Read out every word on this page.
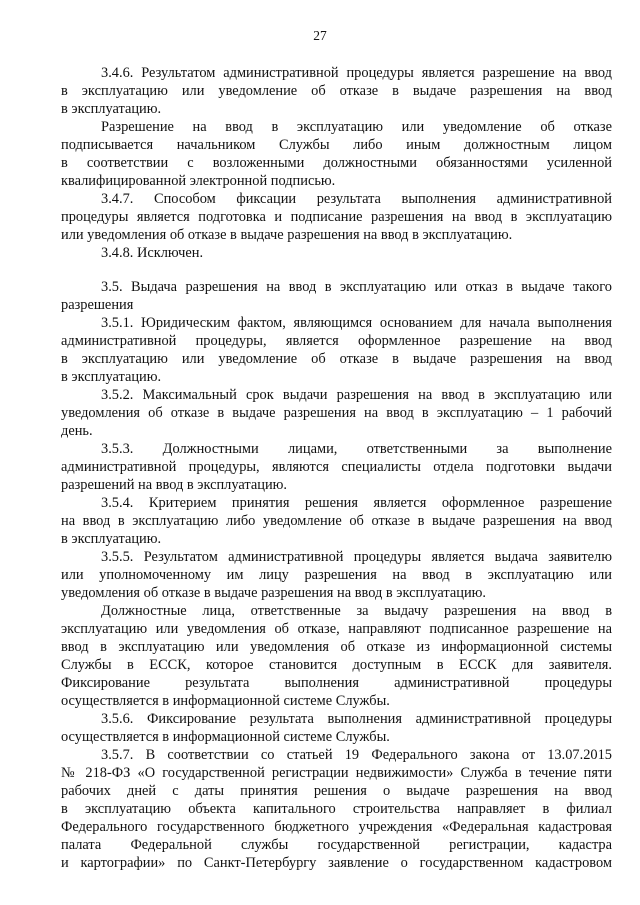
27
3.4.6. Результатом административной процедуры является разрешение на ввод
в эксплуатацию или уведомление об отказе в выдаче разрешения на ввод
в эксплуатацию.
Разрешение на ввод в эксплуатацию или уведомление об отказе
подписывается начальником Службы либо иным должностным лицом
в соответствии с возложенными должностными обязанностями усиленной
квалифицированной электронной подписью.
3.4.7. Способом фиксации результата выполнения административной
процедуры является подготовка и подписание разрешения на ввод в эксплуатацию
или уведомления об отказе в выдаче разрешения на ввод в эксплуатацию.
3.4.8. Исключен.
3.5. Выдача разрешения на ввод в эксплуатацию или отказ в выдаче такого
разрешения
3.5.1. Юридическим фактом, являющимся основанием для начала выполнения
административной процедуры, является оформленное разрешение на ввод
в эксплуатацию или уведомление об отказе в выдаче разрешения на ввод
в эксплуатацию.
3.5.2. Максимальный срок выдачи разрешения на ввод в эксплуатацию или
уведомления об отказе в выдаче разрешения на ввод в эксплуатацию – 1 рабочий
день.
3.5.3. Должностными лицами, ответственными за выполнение
административной процедуры, являются специалисты отдела подготовки выдачи
разрешений на ввод в эксплуатацию.
3.5.4. Критерием принятия решения является оформленное разрешение
на ввод в эксплуатацию либо уведомление об отказе в выдаче разрешения на ввод
в эксплуатацию.
3.5.5. Результатом административной процедуры является выдача заявителю
или уполномоченному им лицу разрешения на ввод в эксплуатацию или
уведомления об отказе в выдаче разрешения на ввод в эксплуатацию.
Должностные лица, ответственные за выдачу разрешения на ввод в
эксплуатацию или уведомления об отказе, направляют подписанное разрешение на
ввод в эксплуатацию или уведомления об отказе из информационной системы
Службы в ЕССК, которое становится доступным в ЕССК для заявителя.
Фиксирование результата выполнения административной процедуры
осуществляется в информационной системе Службы.
3.5.6. Фиксирование результата выполнения административной процедуры
осуществляется в информационной системе Службы.
3.5.7. В соответствии со статьей 19 Федерального закона от 13.07.2015
№ 218-ФЗ «О государственной регистрации недвижимости» Служба в течение пяти
рабочих дней с даты принятия решения о выдаче разрешения на ввод
в эксплуатацию объекта капитального строительства направляет в филиал
Федерального государственного бюджетного учреждения «Федеральная кадастровая
палата Федеральной службы государственной регистрации, кадастра
и картографии» по Санкт-Петербургу заявление о государственном кадастровом
